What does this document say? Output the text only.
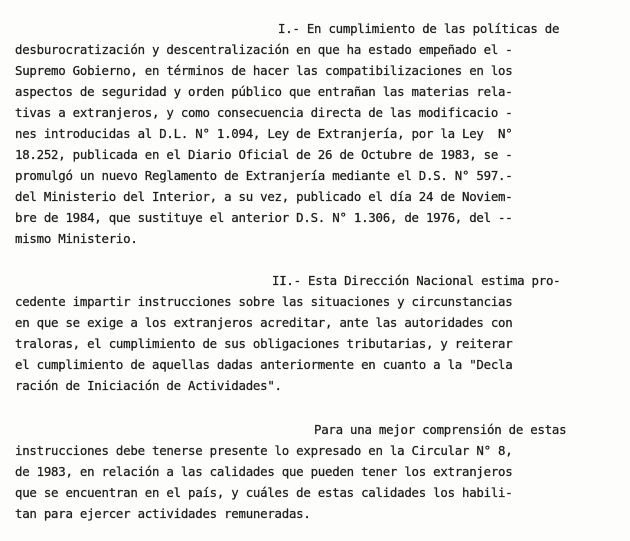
I.- En cumplimiento de las políticas de
desburocratización y descentralización en que ha estado empeñado el -
Supremo Gobierno, en términos de hacer las compatibilizaciones en los
aspectos de seguridad y orden público que entrañan las materias rela-
tivas a extranjeros, y como consecuencia directa de las modificacio -
nes introducidas al D.L. N° 1.094, Ley de Extranjería, por la Ley  N°
18.252, publicada en el Diario Oficial de 26 de Octubre de 1983, se -
promulgó un nuevo Reglamento de Extranjería mediante el D.S. N° 597.-
del Ministerio del Interior, a su vez, publicado el día 24 de Noviem-
bre de 1984, que sustituye el anterior D.S. N° 1.306, de 1976, del --
mismo Ministerio.
II.- Esta Dirección Nacional estima pro-
cedente impartir instrucciones sobre las situaciones y circunstancias
en que se exige a los extranjeros acreditar, ante las autoridades con
traloras, el cumplimiento de sus obligaciones tributarias, y reiterar
el cumplimiento de aquellas dadas anteriormente en cuanto a la "Decla
ración de Iniciación de Actividades".
Para una mejor comprensión de estas
instrucciones debe tenerse presente lo expresado en la Circular N° 8,
de 1983, en relación a las calidades que pueden tener los extranjeros
que se encuentran en el país, y cuáles de estas calidades los habili-
tan para ejercer actividades remuneradas.
